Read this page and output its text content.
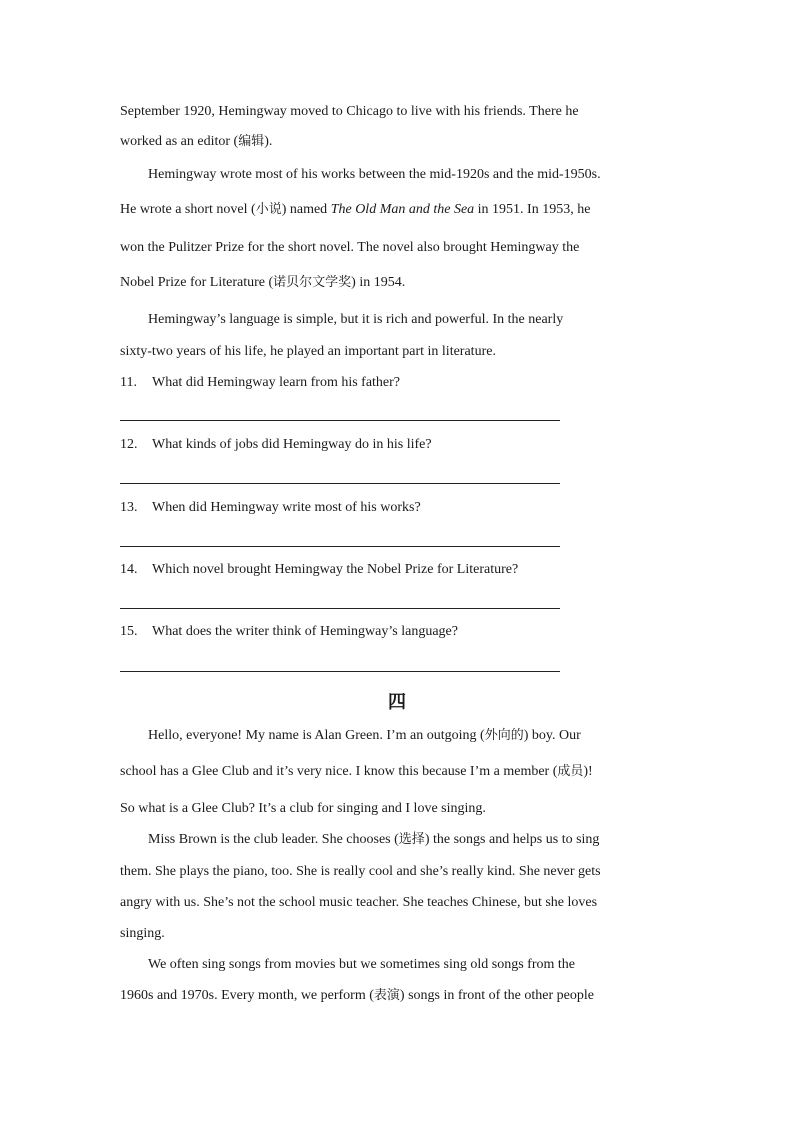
September 1920, Hemingway moved to Chicago to live with his friends. There he
worked as an editor (编辑).
Hemingway wrote most of his works between the mid-1920s and the mid-1950s.
He wrote a short novel (小说) named The Old Man and the Sea in 1951. In 1953, he
won the Pulitzer Prize for the short novel. The novel also brought Hemingway the
Nobel Prize for Literature (诺贝尔文学奖) in 1954.
Hemingway’s language is simple, but it is rich and powerful. In the nearly
sixty-two years of his life, he played an important part in literature.
11. What did Hemingway learn from his father?
12. What kinds of jobs did Hemingway do in his life?
13. When did Hemingway write most of his works?
14. Which novel brought Hemingway the Nobel Prize for Literature?
15. What does the writer think of Hemingway’s language?
四
Hello, everyone! My name is Alan Green. I’m an outgoing (外向的) boy. Our
school has a Glee Club and it’s very nice. I know this because I’m a member (成员)!
So what is a Glee Club? It’s a club for singing and I love singing.
Miss Brown is the club leader. She chooses (选择) the songs and helps us to sing
them. She plays the piano, too. She is really cool and she’s really kind. She never gets
angry with us. She’s not the school music teacher. She teaches Chinese, but she loves
singing.
We often sing songs from movies but we sometimes sing old songs from the
1960s and 1970s. Every month, we perform (表演) songs in front of the other people
